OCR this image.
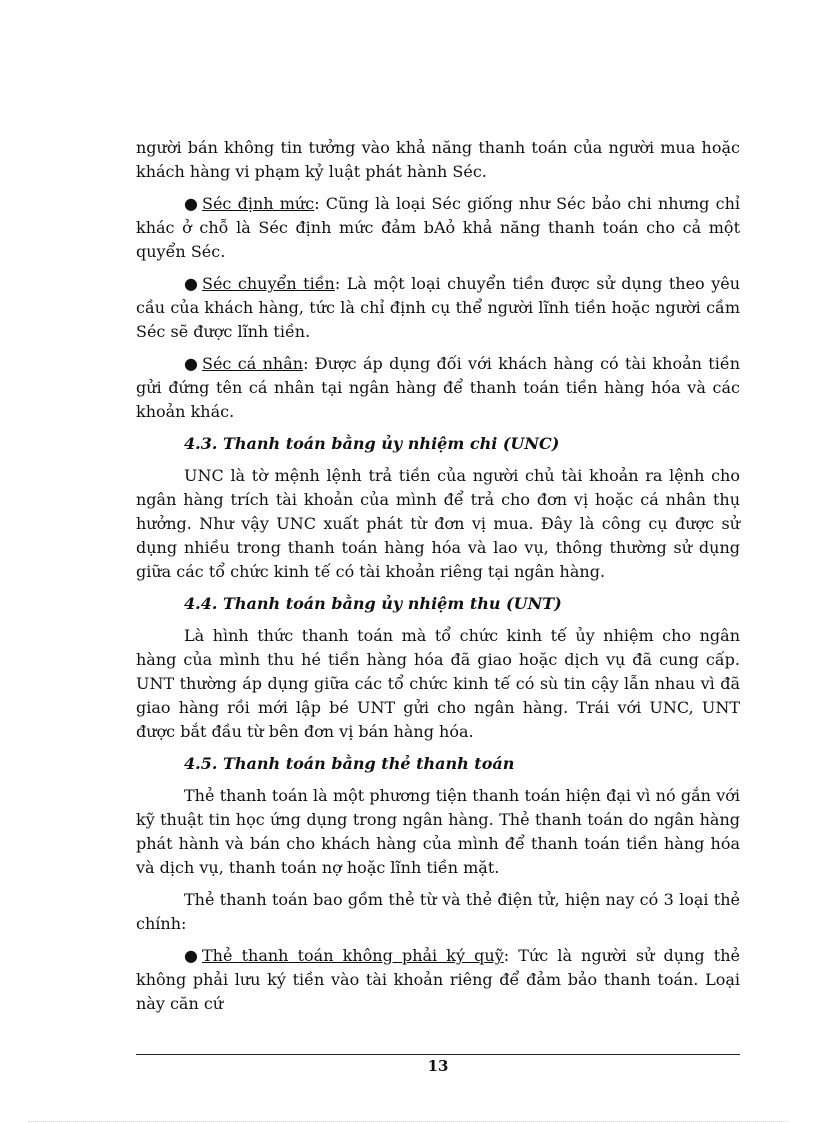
người bán không tin tưởng vào khả năng thanh toán của người mua hoặc khách hàng vi phạm kỷ luật phát hành Séc.

● Séc định mức: Cũng là loại Séc giống như Séc bảo chi nhưng chỉ khác ở chỗ là Séc định mức đảm bAỏ khả năng thanh toán cho cả một quyển Séc.

● Séc chuyển tiền: Là một loại chuyển tiền được sử dụng theo yêu cầu của khách hàng, tức là chỉ định cụ thể người lĩnh tiền hoặc người cầm Séc sẽ được lĩnh tiền.

● Séc cá nhân: Được áp dụng đối với khách hàng có tài khoản tiền gửi đứng tên cá nhân tại ngân hàng để thanh toán tiền hàng hóa và các khoản khác.

4.3. Thanh toán bằng ủy nhiệm chi (UNC)

UNC là tờ mệnh lệnh trả tiền của người chủ tài khoản ra lệnh cho ngân hàng trích tài khoản của mình để trả cho đơn vị hoặc cá nhân thụ hưởng. Như vậy UNC xuất phát từ đơn vị mua. Đây là công cụ được sử dụng nhiều trong thanh toán hàng hóa và lao vụ, thông thường sử dụng giữa các tổ chức kinh tế có tài khoản riêng tại ngân hàng.

4.4. Thanh toán bằng ủy nhiệm thu (UNT)

Là hình thức thanh toán mà tổ chức kinh tế ủy nhiệm cho ngân hàng của mình thu hé tiền hàng hóa đã giao hoặc dịch vụ đã cung cấp. UNT thường áp dụng giữa các tổ chức kinh tế có sù tin cậy lẫn nhau vì đã giao hàng rồi mới lập bé UNT gửi cho ngân hàng. Trái với UNC, UNT được bắt đầu từ bên đơn vị bán hàng hóa.

4.5. Thanh toán bằng thẻ thanh toán

Thẻ thanh toán là một phương tiện thanh toán hiện đại vì nó gắn với kỹ thuật tin học ứng dụng trong ngân hàng. Thẻ thanh toán do ngân hàng phát hành và bán cho khách hàng của mình để thanh toán tiền hàng hóa và dịch vụ, thanh toán nợ hoặc lĩnh tiền mặt.

Thẻ thanh toán bao gồm thẻ từ và thẻ điện tử, hiện nay có 3 loại thẻ chính:

● Thẻ thanh toán không phải ký quỹ: Tức là người sử dụng thẻ không phải lưu ký tiền vào tài khoản riêng để đảm bảo thanh toán. Loại này căn cứ

13
